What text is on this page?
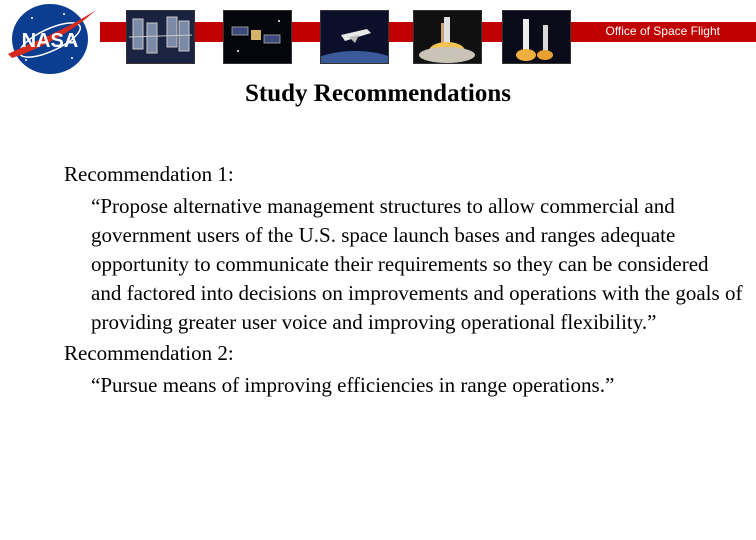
Office of Space Flight
NASA
Study Recommendations

Recommendation 1:

“Propose alternative management structures to allow commercial and government users of the U.S. space launch bases and ranges adequate opportunity to communicate their requirements so they can be considered and factored into decisions on improvements and operations with the goals of providing greater user voice and improving operational flexibility.”

Recommendation 2:

“Pursue means of improving efficiencies in range operations.”
